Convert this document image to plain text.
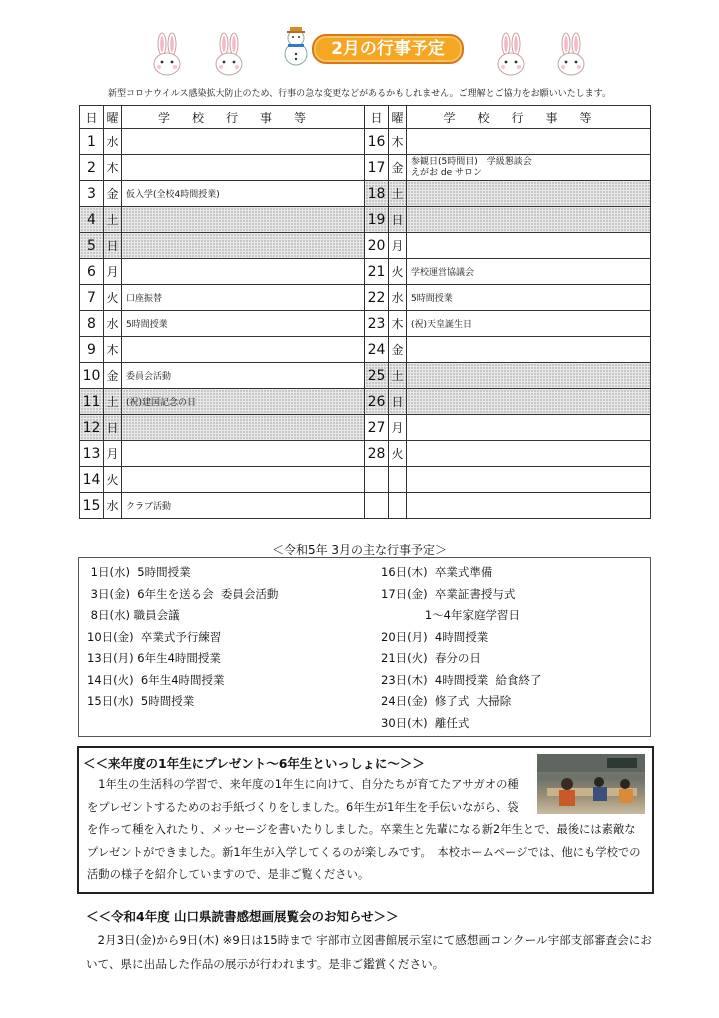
2月の行事予定
新型コロナウイルス感染拡大防止のため、行事の急な変更などがあるかもしれません。ご理解とご協力をお願いいたします。
日	曜	学校行事等	日	曜	学校行事等
1	水		16	木	
2	木		17	金	参観日(5時間目)　学級懇談会
えがお de サロン

3	金	仮入学(全校4時間授業)	18	土	
4	土		19	日	
5	日		20	月	
6	月		21	火	学校運営協議会
7	火	口座振替	22	水	5時間授業
8	水	5時間授業	23	木	(祝)天皇誕生日
9	木		24	金	
10	金	委員会活動	25	土	
11	土	(祝)建国記念の日	26	日	
12	日		27	月	
13	月		28	火	
14	火				
15	水	クラブ活動			
＜令和5年 3月の主な行事予定＞
1日(水)  5時間授業
3日(金)  6年生を送る会  委員会活動
8日(水) 職員会議
10日(金)  卒業式予行練習
13日(月) 6年生4時間授業
14日(火)  6年生4時間授業
15日(水)  5時間授業
16日(木)  卒業式準備
17日(金)  卒業証書授与式
1～4年家庭学習日
20日(月)  4時間授業
21日(火)  春分の日
23日(木)  4時間授業  給食終了
24日(金)  修了式  大掃除
30日(木)  離任式
＜＜来年度の1年生にプレゼント～6年生といっしょに～＞＞
　1年生の生活科の学習で、来年度の1年生に向けて、自分たちが育てたアサガオの種をプレゼントするためのお手紙づくりをしました。6年生が1年生を手伝いながら、袋を作って種を入れたり、メッセージを書いたりしました。卒業生と先輩になる新2年生とで、最後には素敵なプレゼントができました。新1年生が入学してくるのが楽しみです。　本校ホームページでは、他にも学校での活動の様子を紹介していますので、是非ご覧ください。
＜＜令和4年度 山口県読書感想画展覧会のお知らせ＞＞
　2月3日(金)から9日(木) ※9日は15時まで 宇部市立図書館展示室にて感想画コンクール宇部支部審査会において、県に出品した作品の展示が行われます。是非ご鑑賞ください。
